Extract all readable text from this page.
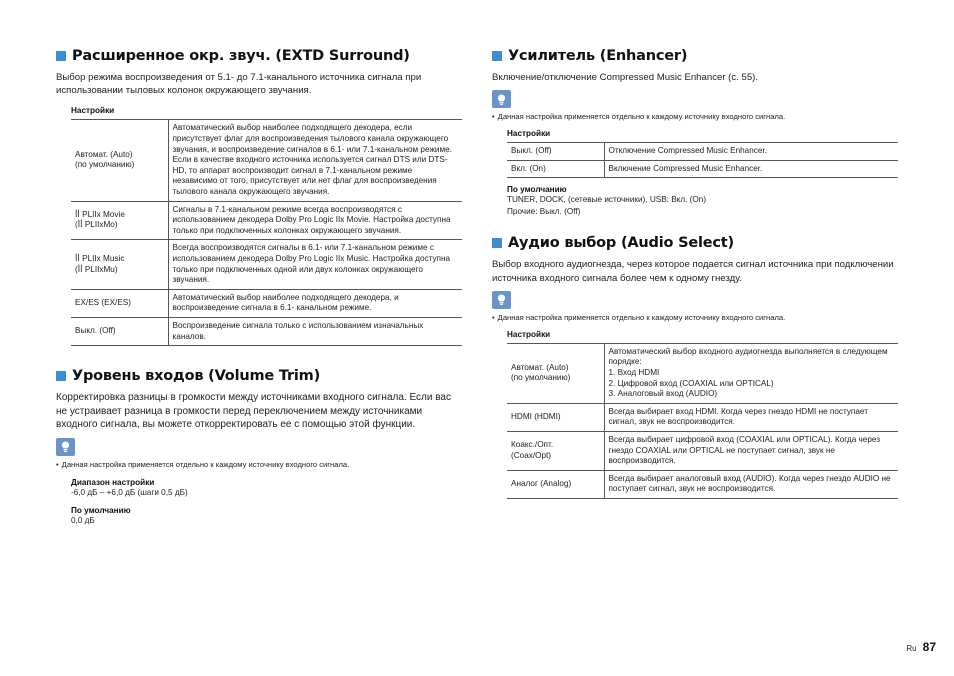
Расширенное окр. звуч. (EXTD Surround)
Выбор режима воспроизведения от 5.1- до 7.1-канального источника сигнала при использовании тыловых колонок окружающего звучания.
Настройки
Автомат. (Auto)
(по умолчанию)	Автоматический выбор наиболее подходящего декодера, если присутствует флаг для воспроизведения тылового канала окружающего звучания, и воспроизведение сигналов в 6.1- или 7.1-канальном режиме.
Если в качестве входного источника используется сигнал DTS или DTS-HD, то аппарат воспроизводит сигнал в 7.1-канальном режиме независимо от того, присутствует или нет флаг для воспроизведения тылового канала окружающего звучания.
ꟾꟾ PLIIx Movie
(ꟾꟾ PLIIxMo)	Сигналы в 7.1-канальном режиме всегда воспроизводятся с использованием декодера Dolby Pro Logic IIx Movie. Настройка доступна только при подключенных колонках окружающего звучания.
ꟾꟾ PLIIx Music
(ꟾꟾ PLIIxMu)	Всегда воспроизводятся сигналы в 6.1- или 7.1-канальном режиме с использованием декодера Dolby Pro Logic IIx Music. Настройка доступна только при подключенных одной или двух колонках окружающего звучания.
EX/ES (EX/ES)	Автоматический выбор наиболее подходящего декодера, и воспроизведение сигнала в 6.1- канальном режиме.
Выкл. (Off)	Воспроизведение сигнала только с использованием изначальных каналов.
Уровень входов (Volume Trim)
Корректировка разницы в громкости между источниками входного сигнала. Если вас не устраивает разница в громкости перед переключением между источниками входного сигнала, вы можете откорректировать ее с помощью этой функции.
• Данная настройка применяется отдельно к каждому источнику входного сигнала.
Диапазон настройки
-6,0 дБ – +6,0 дБ (шаги 0,5 дБ)
По умолчанию
0,0 дБ
Усилитель (Enhancer)
Включение/отключение Compressed Music Enhancer (с. 55).
• Данная настройка применяется отдельно к каждому источнику входного сигнала.
Настройки
Выкл. (Off)	Отключение Compressed Music Enhancer.
Вкл. (On)	Включение Compressed Music Enhancer.
По умолчанию
TUNER, DOCK, (сетевые источники), USB: Вкл. (On)
Прочие: Выкл. (Off)
Аудио выбор (Audio Select)
Выбор входного аудиогнезда, через которое подается сигнал источника при подключении источника входного сигнала более чем к одному гнезду.
• Данная настройка применяется отдельно к каждому источнику входного сигнала.
Настройки
Автомат. (Auto)
(по умолчанию)	Автоматический выбор входного аудиогнезда выполняется в следующем порядке:
1. Вход HDMI
2. Цифровой вход (COAXIAL или OPTICAL)
3. Аналоговый вход (AUDIO)
HDMI (HDMI)	Всегда выбирает вход HDMI. Когда через гнездо HDMI не поступает сигнал, звук не воспроизводится.
Коакс./Опт.
(Coax/Opt)	Всегда выбирает цифровой вход (COAXIAL или OPTICAL). Когда через гнездо COAXIAL или OPTICAL не поступает сигнал, звук не воспроизводится.
Аналог (Analog)	Всегда выбирает аналоговый вход (AUDIO). Когда через гнездо AUDIO не поступает сигнал, звук не воспроизводится.
Ru 87
